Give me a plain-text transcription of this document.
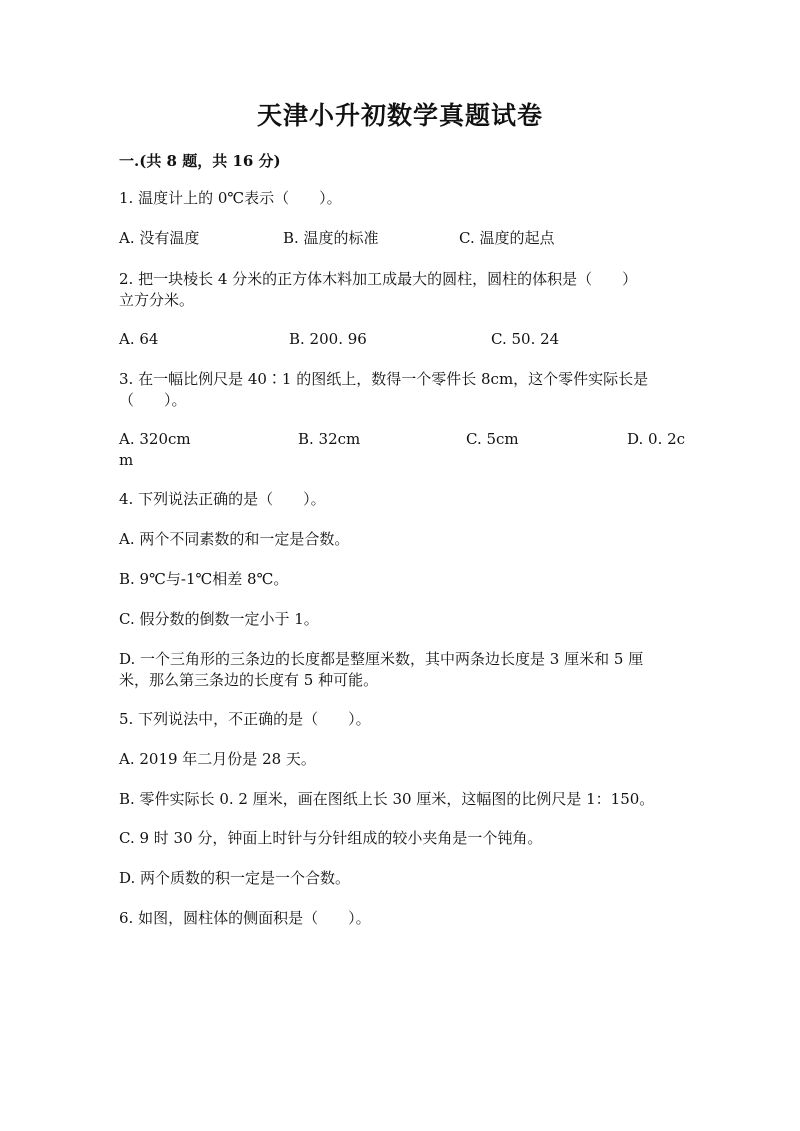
天津小升初数学真题试卷
一.(共 8 题，共 16 分)
1. 温度计上的 0℃表示（　　）。
A. 没有温度	B. 温度的标准	C. 温度的起点
2. 把一块棱长 4 分米的正方体木料加工成最大的圆柱，圆柱的体积是（　　）
立方分米。
A. 64	B. 200. 96	C. 50. 24
3. 在一幅比例尺是 40∶1 的图纸上，数得一个零件长 8cm，这个零件实际长是
（　　）。
A. 320cm	B. 32cm	C. 5cm	D. 0. 2c
m
4. 下列说法正确的是（　　）。
A. 两个不同素数的和一定是合数。
B. 9℃与-1℃相差 8℃。
C. 假分数的倒数一定小于 1。
D. 一个三角形的三条边的长度都是整厘米数，其中两条边长度是 3 厘米和 5 厘
米，那么第三条边的长度有 5 种可能。
5. 下列说法中，不正确的是（　　）。
A. 2019 年二月份是 28 天。
B. 零件实际长 0. 2 厘米，画在图纸上长 30 厘米，这幅图的比例尺是 1：150。
C. 9 时 30 分，钟面上时针与分针组成的较小夹角是一个钝角。
D. 两个质数的积一定是一个合数。
6. 如图，圆柱体的侧面积是（　　）。
